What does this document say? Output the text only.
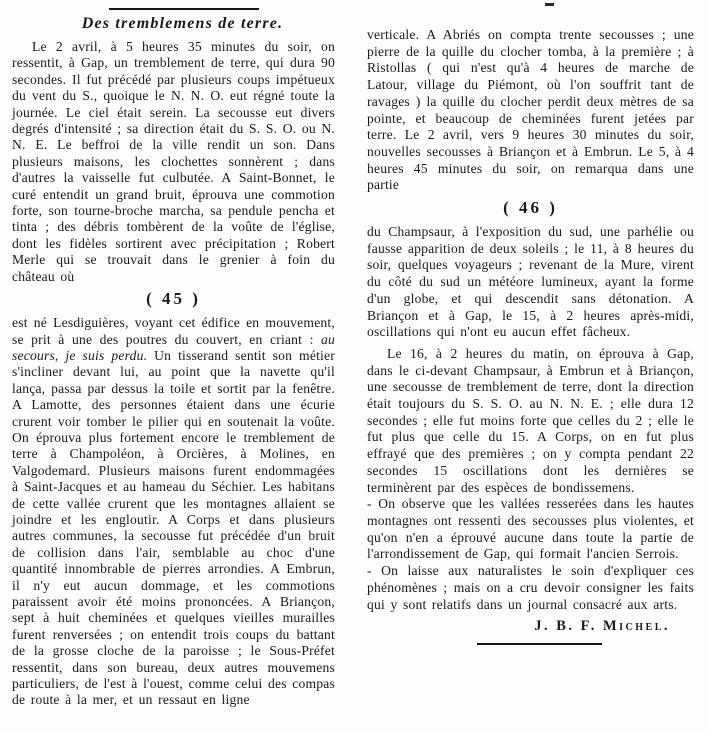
Des tremblemens de terre.

Le 2 avril, à 5 heures 35 minutes du soir, on ressentit, à Gap, un tremblement de terre, qui dura 90 secondes. Il fut précédé par plusieurs coups impétueux du vent du S., quoique le N. N. O. eut régné toute la journée. Le ciel était serein. La secousse eut divers degrés d'intensité ; sa direction était du S. S. O. ou N. N. E. Le beffroi de la ville rendit un son. Dans plusieurs maisons, les clochettes sonnèrent ; dans d'autres la vaisselle fut culbutée. A Saint-Bonnet, le curé entendit un grand bruit, éprouva une commotion forte, son tourne-broche marcha, sa pendule pencha et tinta ; des débris tombèrent de la voûte de l'église, dont les fidèles sortirent avec précipitation ; Robert Merle qui se trouvait dans le grenier à foin du château où

( 45 )

est né Lesdiguières, voyant cet édifice en mouvement, se prit à une des poutres du couvert, en criant : au secours, je suis perdu. Un tisserand sentit son métier s'incliner devant lui, au point que la navette qu'il lança, passa par dessus la toile et sortit par la fenêtre. A Lamotte, des personnes étaient dans une écurie crurent voir tomber le pilier qui en soutenait la voûte. On éprouva plus fortement encore le tremblement de terre à Champoléon, à Orcières, à Molines, en Valgodemard. Plusieurs maisons furent endommagées à Saint-Jacques et au hameau du Séchier. Les habitans de cette vallée crurent que les montagnes allaient se joindre et les engloutir. A Corps et dans plusieurs autres communes, la secousse fut précédée d'un bruit de collision dans l'air, semblable au choc d'une quantité innombrable de pierres arrondies. A Embrun, il n'y eut aucun dommage, et les commotions paraissent avoir été moins prononcées. A Briançon, sept à huit cheminées et quelques vieilles murailles furent renversées ; on entendit trois coups du battant de la grosse cloche de la paroisse ; le Sous-Préfet ressentit, dans son bureau, deux autres mouvemens particuliers, de l'est à l'ouest, comme celui des compas de route à la mer, et un ressaut en ligne

verticale. A Abriés on compta trente secousses ; une pierre de la quille du clocher tomba, à la première ; à Ristollas ( qui n'est qu'à 4 heures de marche de Latour, village du Piémont, où l'on souffrit tant de ravages ) la quille du clocher perdit deux mètres de sa pointe, et beaucoup de cheminées furent jetées par terre. Le 2 avril, vers 9 heures 30 minutes du soir, nouvelles secousses à Briançon et à Embrun. Le 5, à 4 heures 45 minutes du soir, on remarqua dans une partie

( 46 )

du Champsaur, à l'exposition du sud, une parhélie ou fausse apparition de deux soleils ; le 11, à 8 heures du soir, quelques voyageurs ; revenant de la Mure, virent du côté du sud un météore lumineux, ayant la forme d'un globe, et qui descendit sans détonation. A Briançon et à Gap, le 15, à 2 heures après-midi, oscillations qui n'ont eu aucun effet fâcheux.

Le 16, à 2 heures du matin, on éprouva à Gap, dans le ci-devant Champsaur, à Embrun et à Briançon, une secousse de tremblement de terre, dont la direction était toujours du S. S. O. au N. N. E. ; elle dura 12 secondes ; elle fut moins forte que celles du 2 ; elle le fut plus que celle du 15. A Corps, on en fut plus effrayé que des premières ; on y compta pendant 22 secondes 15 oscillations dont les dernières se terminèrent par des espèces de bondissemens.

- On observe que les vallées resserées dans les hautes montagnes ont ressenti des secousses plus violentes, et qu'on n'en a éprouvé aucune dans toute la partie de l'arrondissement de Gap, qui formait l'ancien Serrois.

- On laisse aux naturalistes le soin d'expliquer ces phénomènes ; mais on a cru devoir consigner les faits qui y sont relatifs dans un journal consacré aux arts.

J. B. F. Michel.
